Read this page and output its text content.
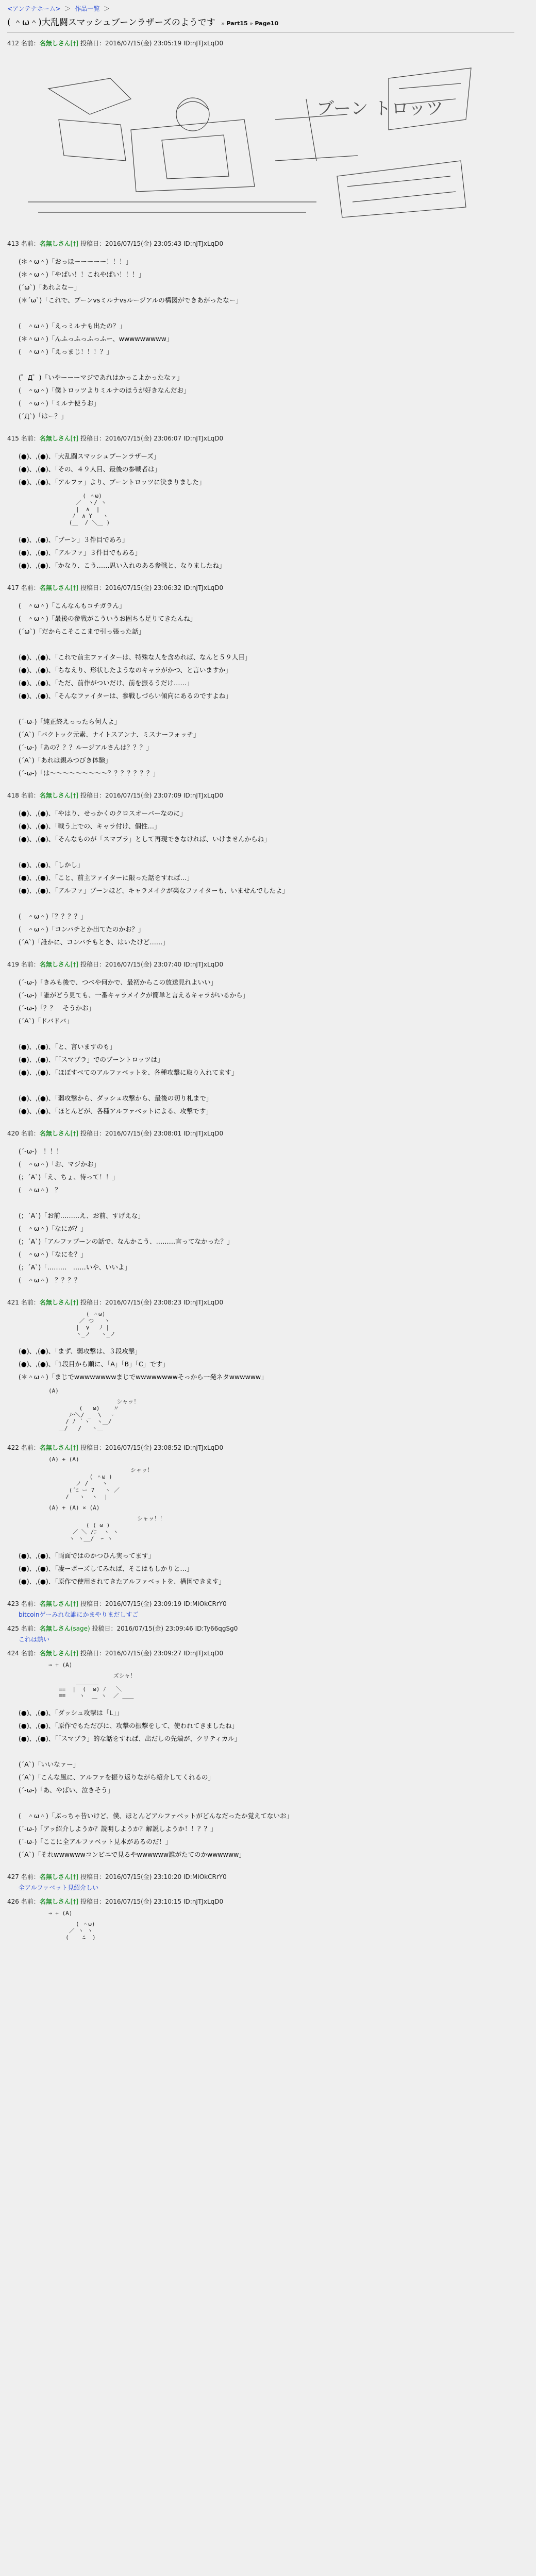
<アンテナホーム> ＞ 作品一覧 ＞
( ＾ω＾)大乱闘スマッシュブーンラザーズのようです » Part15 » Page10
412 名前：名無しさん[†] 投稿日：2016/07/15(金) 23:05:19 ID:nJTJxLqD0
ブーン トロッツ
413 名前：名無しさん[†] 投稿日：2016/07/15(金) 23:05:43 ID:nJTJxLqD0
(＊＾ω＾)「おっほーーーーー！！！」
(＊＾ω＾)「やばい！！これやばい！！！」
(´ω`)「あれよなー」
(＊´ω`)「これで、ブーンvsミルナvsルージアルの構図ができあがったなー」
(　＾ω＾)「えっミルナも出たの？」
(＊＾ω＾)「んふっふっふっふー、wwwwwwwww」
(　＾ω＾)「えっまじ！！！？」
(゜Д゜)「いやーーーマジであれはかっこよかったなァ」
(　＾ω＾)「僕トロッツよりミルナのほうが好きなんだお」
(　＾ω＾)「ミルナ使うお」
(´Д`)「はー？」
415 名前：名無しさん[†] 投稿日：2016/07/15(金) 23:06:07 ID:nJTJxLqD0
(●)、,(●)、「大乱闘スマッシュブーンラザーズ」
(●)、,(●)、「その、４９人目、最後の参戦者は」
(●)、,(●)、「アルファ」より、ブーントロッツに決まりました」
( ＾ω)
／  ヽ/ ヽ
|  ∧  |
ﾉ  ∧ Y   ヽ
(＿  / ＼＿ )
(●)、,(●)、「ブーン」３件目であろ」
(●)、,(●)、「アルファ」３件目でもある」
(●)、,(●)、「かなり、こう……思い入れのある参戦と、なりましたね」
417 名前：名無しさん[†] 投稿日：2016/07/15(金) 23:06:32 ID:nJTJxLqD0
(　＾ω＾)「こんなんもコチガラん」
(　＾ω＾)「最後の参戦がこういうお固ちも足りてきたんね」
(´ω`)「だからこそここまで引っ張った話」
(●)、,(●)、「これで前主ファイターは、特殊な人を含めれば、なんと５９人目」
(●)、,(●)、「ちなえり、形状したようなのキャラがかつ、と言いますか」
(●)、,(●)、「ただ、前作がついだけ、前を振るうだけ……」
(●)、,(●)、「そんなファイターは、参戦しづらい傾向にあるのですよね」
(´-ω-)「純正終えっったら何人よ」
(´A`)「バクトック元素、ナイトスアンナ、ミスナーフォッチ」
(´-ω-)「あの？？？ルージアルさんは？？？」
(´A`)「あれは親みつびき体験」
(´-ω-)「は〜〜〜〜〜〜〜〜〜？？？？？？？」
418 名前：名無しさん[†] 投稿日：2016/07/15(金) 23:07:09 ID:nJTJxLqD0
(●)、,(●)、「やはり、せっかくのクロスオーバーなのに」
(●)、,(●)、「戦う上での、キャラ付け、個性…」
(●)、,(●)、「そんなものが「スマブラ」として再現できなければ、いけませんからね」
(●)、,(●)、「しかし」
(●)、,(●)、「こと、前主ファイターに限った話をすれば…」
(●)、,(●)、「アルファ」ブーンほど、キャラメイクが楽なファイターも、いませんでしたよ」
(　＾ω＾)「？？？？」
(　＾ω＾)「コンパチとか出てたのかお？」
(´A`)「誰かに、コンパチもとき、はいたけど……」
419 名前：名無しさん[†] 投稿日：2016/07/15(金) 23:07:40 ID:nJTJxLqD0
(´-ω-)「きみも後で、つべや何かで、最初からこの放送見れよいい」
(´-ω-)「誰がどう見ても、一番キャラメイクが簡単と言えるキャラがいるから」
(´-ω-)「？？　そうかお」
(´A`)「ドバドバ」
(●)、,(●)、「と、言いますのも」
(●)、,(●)、「「スマブラ」でのブーントロッツは」
(●)、,(●)、「ほぼすべてのアルファベットを、各種攻撃に取り入れてます」
(●)、,(●)、「弱攻撃から、ダッシュ攻撃から、最後の切り札まで」
(●)、,(●)、「ほとんどが、各種アルファベットによる、攻撃です」
420 名前：名無しさん[†] 投稿日：2016/07/15(金) 23:08:01 ID:nJTJxLqD0
(´-ω-)　！！！
(　＾ω＾)「お、マジかお」
(；´A`)「え、ちょ、待って！！」
(　＾ω＾)　？
(；´A`)「お前………え、お前、すげえな」
(　＾ω＾)「なにが？」
(；´A`)「アルファブーンの話で、なんかこう、………言ってなかった？」
(　＾ω＾)「なにを？」
(；´A`)「………　……いや、いいよ」
(　＾ω＾)　？？？？
421 名前：名無しさん[†] 投稿日：2016/07/15(金) 23:08:23 ID:nJTJxLqD0
( ＾ω)
／ つ   ヽ
|  γ   ﾉ |
ヽ_ノ   ヽ_ノ
(●)、,(●)、「まず、弱攻撃は、３段攻撃」
(●)、,(●)、「1段目から順に、「A」「B」「C」です」
(＊＾ω＾)「まじでwwwwwwwwまじでwwwwwwwwそっから一発ネタwwwwww」
(A)
シャッ！
(   ω)    〃
ﾉ⌒＼/ _  \   ｰ
/ ﾉ ｀ヽ  ヽ＿/
＿/   /   ヽ＿
422 名前：名無しさん[†] 投稿日：2016/07/15(金) 23:08:52 ID:nJTJxLqD0
(A) + (A)
シャッ！
( ＾ω )
ノ /    ヽ
(´ﾆ ー 7   ヽ ／
/   ヽ  ヽ  |

(A) + (A) × (A)
シャッ！！
( ( ω )
／ ＼ /ﾆ  ヽ ヽ
ヽ ヽ__/  ｰ ヽ

(●)、,(●)、「両面ではのかつひん実ってます」
(●)、,(●)、「凄ーボーズしてみれば、そこはもしかりと…」
(●)、,(●)、「原作で使用されてきたアルファベットを、構図できます」
423 名前：名無しさん[†] 投稿日：2016/07/15(金) 23:09:19 ID:MIOkCRrY0
bitcoinゲーみれな誰にかまやりまだしすご
425 名前：名無しさん(sage) 投稿日：2016/07/15(金) 23:09:46 ID:Ty66qgSg0
これは熱い
424 名前：名無しさん[†] 投稿日：2016/07/15(金) 23:09:27 ID:nJTJxLqD0
→ + (A)
ズシャ！
＿＿＿＿
≡≡  |  (  ω) ﾉ   ＼
≡≡    ヽ  ＿ ヽ  ／ ＿＿
(●)、,(●)、「ダッシュ攻撃は「L」」
(●)、,(●)、「原作でもただびに、攻撃の振撃をして、使われてきましたね」
(●)、,(●)、「「スマブラ」的な話をすれば、出だしの先端が、クリティカル」
(´A`)「いいなァー」
(´A`)「こんな風に、アルファを振り返りながら紹介してくれるの」
(´-ω-)「あ、やばい、泣きそう」
(　＾ω＾)「ぶっちゃ昔いけど、僕、ほとんどアルファベットがどんなだったか覚えてないお」
(´-ω-)「アッ紹介しようか？説明しようか？解説しようか！！？？」
(´-ω-)「ここに全アルファベット見本があるのだ！」
(´A`)「それwwwwwwコンビニで見るやwwwwww誰がたてのかwwwwww」
427 名前：名無しさん[†] 投稿日：2016/07/15(金) 23:10:20 ID:MIOkCRrY0
全アルファベット見紹介しい
426 名前：名無しさん[†] 投稿日：2016/07/15(金) 23:10:15 ID:nJTJxLqD0
→ + (A)
( ＾ω)
／ ヽ ヽ
(    ﾆ  )
